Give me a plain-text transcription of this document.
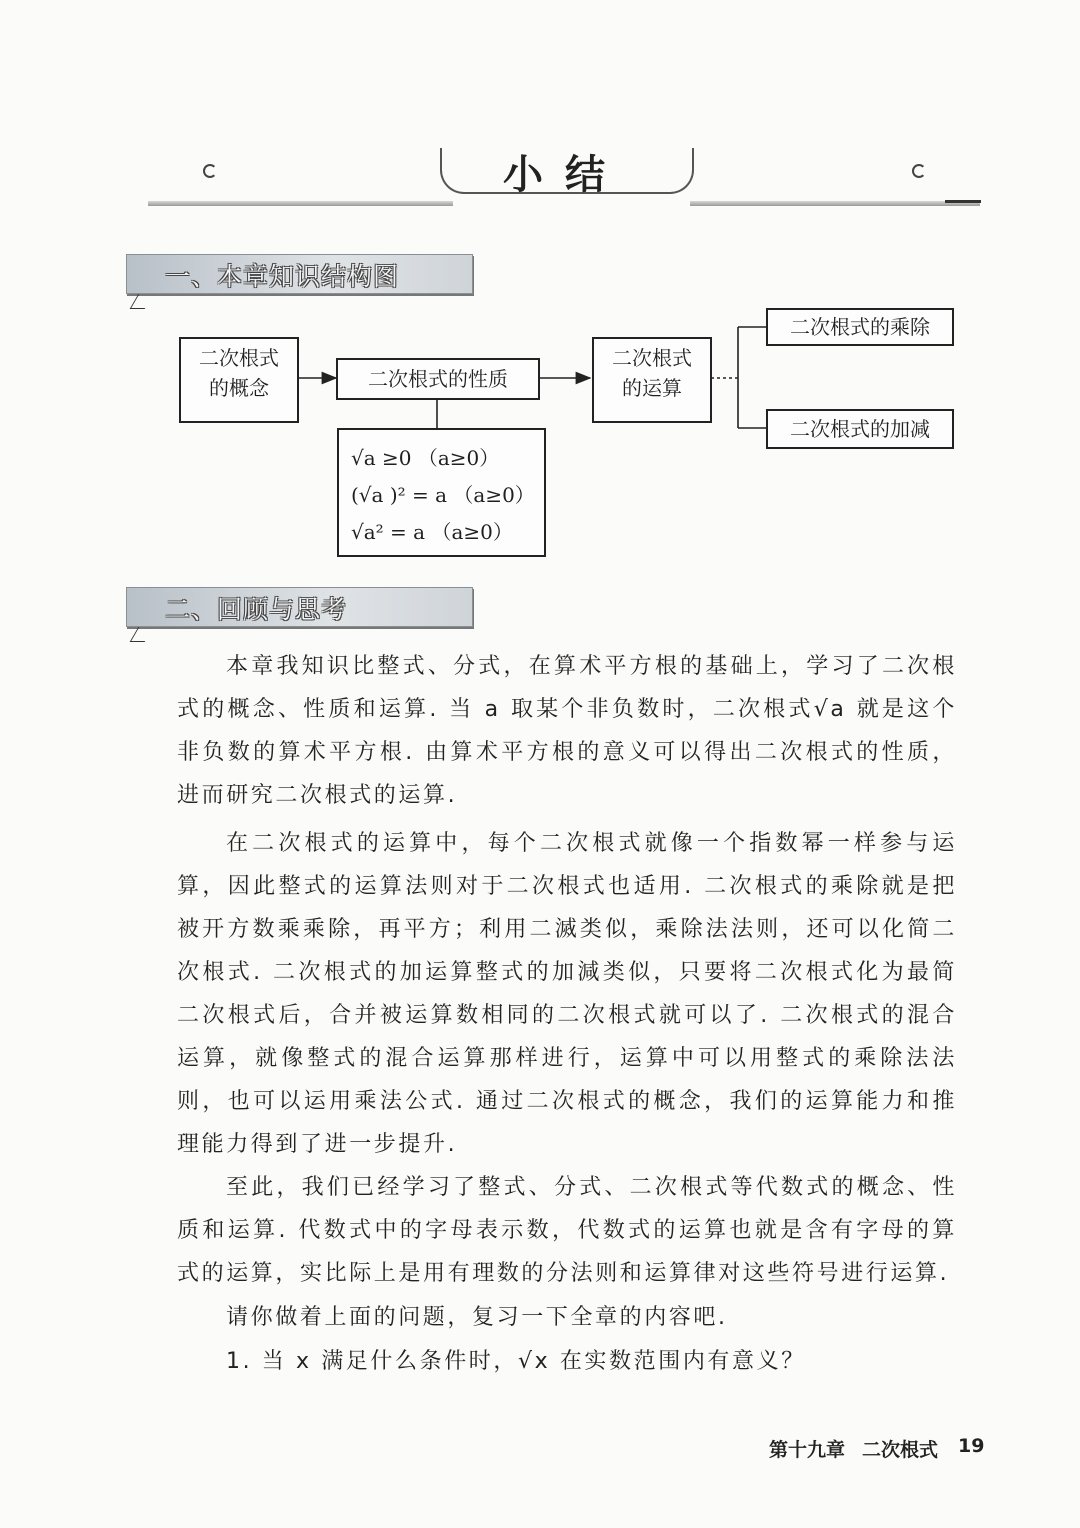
小结
一、本章知识结构图
二次根式
的概念	二次根式的性质
二次根式
的运算
二次根式的乘除
二次根式的加减
√a ≥0 （a≥0）
(√a )² = a （a≥0）
√a² = a （a≥0）
二、回顾与思考
本章我知识比整式、分式，在算术平方根的基础上，学习了二次根式的概念、性质和运算. 当 a 取某个非负数时，二次根式√a 就是这个非负数的算术平方根. 由算术平方根的意义可以得出二次根式的性质，进而研究二次根式的运算.
在二次根式的运算中，每个二次根式就像一个指数幂一样参与运算，因此整式的运算法则对于二次根式也适用. 二次根式的乘除就是把被开方数乘乘除，再平方；利用二滅类似，乘除法法则，还可以化简二次根式. 二次根式的加运算整式的加減类似，只要将二次根式化为最简二次根式后，合并被运算数相同的二次根式就可以了. 二次根式的混合运算，就像整式的混合运算那样进行，运算中可以用整式的乘除法法则，也可以运用乘法公式. 通过二次根式的概念，我们的运算能力和推理能力得到了进一步提升.
至此，我们已经学习了整式、分式、二次根式等代数式的概念、性质和运算. 代数式中的字母表示数，代数式的运算也就是含有字母的算式的运算，实比际上是用有理数的分法则和运算律对这些符号进行运算.
请你做着上面的问题，复习一下全章的内容吧.
1. 当 x 满足什么条件时，√x 在实数范围内有意义？
第十九章 二次根式 19
